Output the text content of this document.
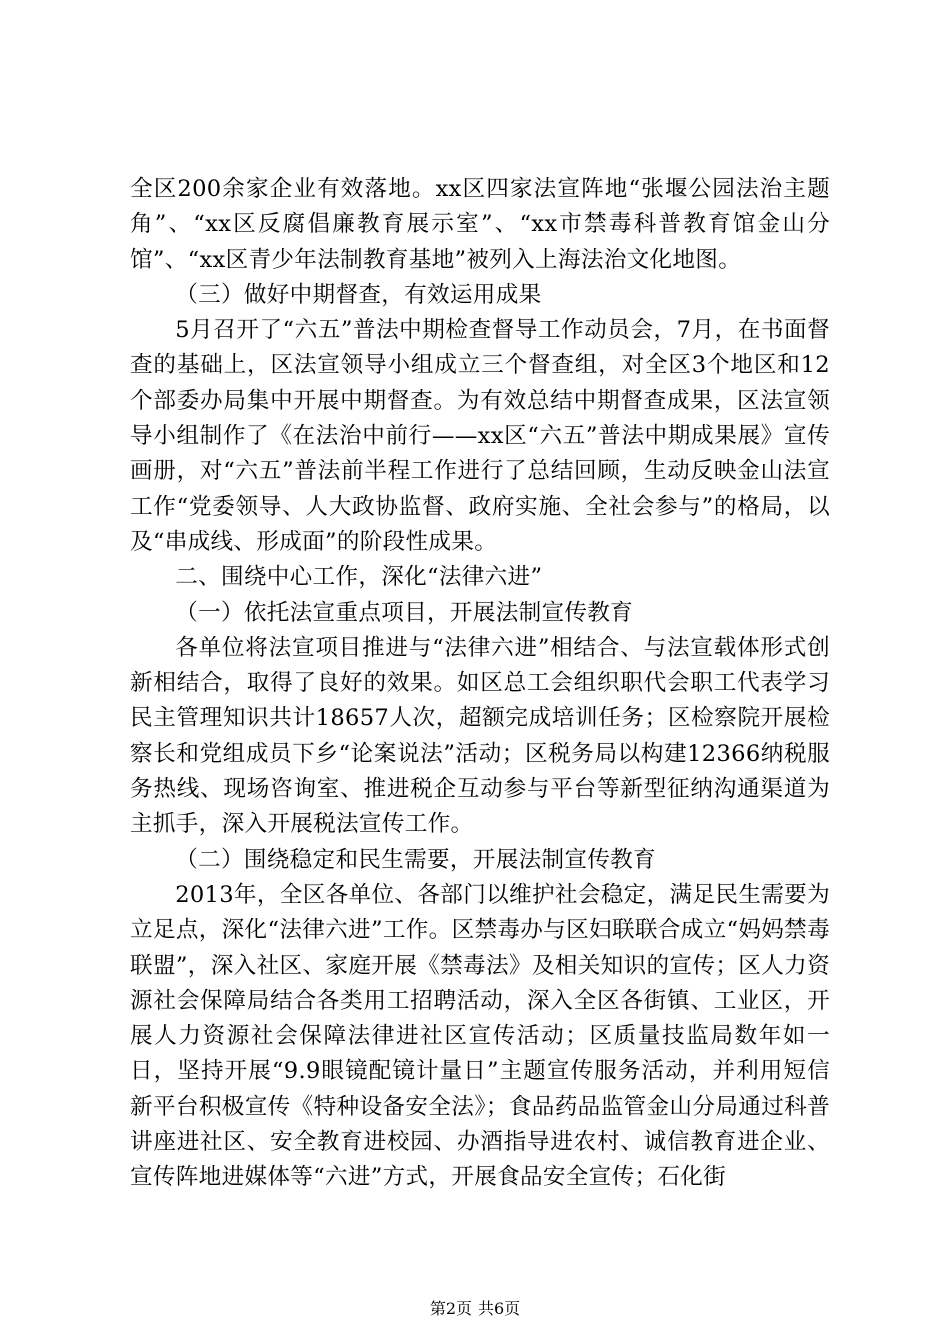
全区200余家企业有效落地。xx区四家法宣阵地“张堰公园法治主题角”、“xx区反腐倡廉教育展示室”、“xx市禁毒科普教育馆金山分馆”、“xx区青少年法制教育基地”被列入上海法治文化地图。

（三）做好中期督查，有效运用成果

5月召开了“六五”普法中期检查督导工作动员会，7月，在书面督查的基础上，区法宣领导小组成立三个督查组，对全区3个地区和12个部委办局集中开展中期督查。为有效总结中期督查成果，区法宣领导小组制作了《在法治中前行——xx区“六五”普法中期成果展》宣传画册，对“六五”普法前半程工作进行了总结回顾，生动反映金山法宣工作“党委领导、人大政协监督、政府实施、全社会参与”的格局，以及“串成线、形成面”的阶段性成果。

二、围绕中心工作，深化“法律六进”

（一）依托法宣重点项目，开展法制宣传教育

各单位将法宣项目推进与“法律六进”相结合、与法宣载体形式创新相结合，取得了良好的效果。如区总工会组织职代会职工代表学习民主管理知识共计18657人次，超额完成培训任务；区检察院开展检察长和党组成员下乡“论案说法”活动；区税务局以构建12366纳税服务热线、现场咨询室、推进税企互动参与平台等新型征纳沟通渠道为主抓手，深入开展税法宣传工作。

（二）围绕稳定和民生需要，开展法制宣传教育

2013年，全区各单位、各部门以维护社会稳定，满足民生需要为立足点，深化“法律六进”工作。区禁毒办与区妇联联合成立“妈妈禁毒联盟”，深入社区、家庭开展《禁毒法》及相关知识的宣传；区人力资源社会保障局结合各类用工招聘活动，深入全区各街镇、工业区，开展人力资源社会保障法律进社区宣传活动；区质量技监局数年如一日，坚持开展“9.9眼镜配镜计量日”主题宣传服务活动，并利用短信新平台积极宣传《特种设备安全法》；食品药品监管金山分局通过科普讲座进社区、安全教育进校园、办酒指导进农村、诚信教育进企业、宣传阵地进媒体等“六进”方式，开展食品安全宣传；石化街

第2页 共6页
